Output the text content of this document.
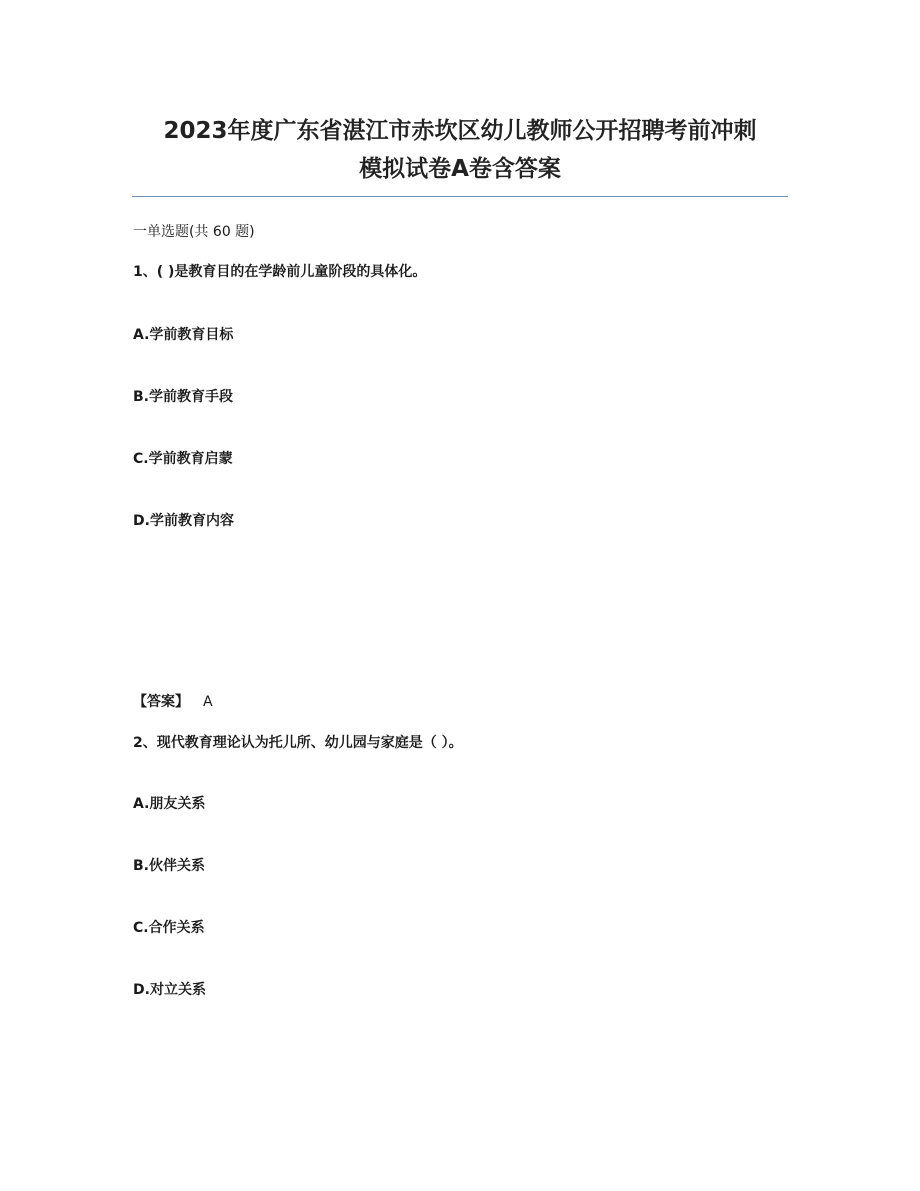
2023年度广东省湛江市赤坎区幼儿教师公开招聘考前冲刺
模拟试卷A卷含答案
一单选题(共 60 题)
1、( )是教育目的在学龄前儿童阶段的具体化。
A.学前教育目标
B.学前教育手段
C.学前教育启蒙
D.学前教育内容
【答案】 A
2、现代教育理论认为托儿所、幼儿园与家庭是（ ）。
A.朋友关系
B.伙伴关系
C.合作关系
D.对立关系
